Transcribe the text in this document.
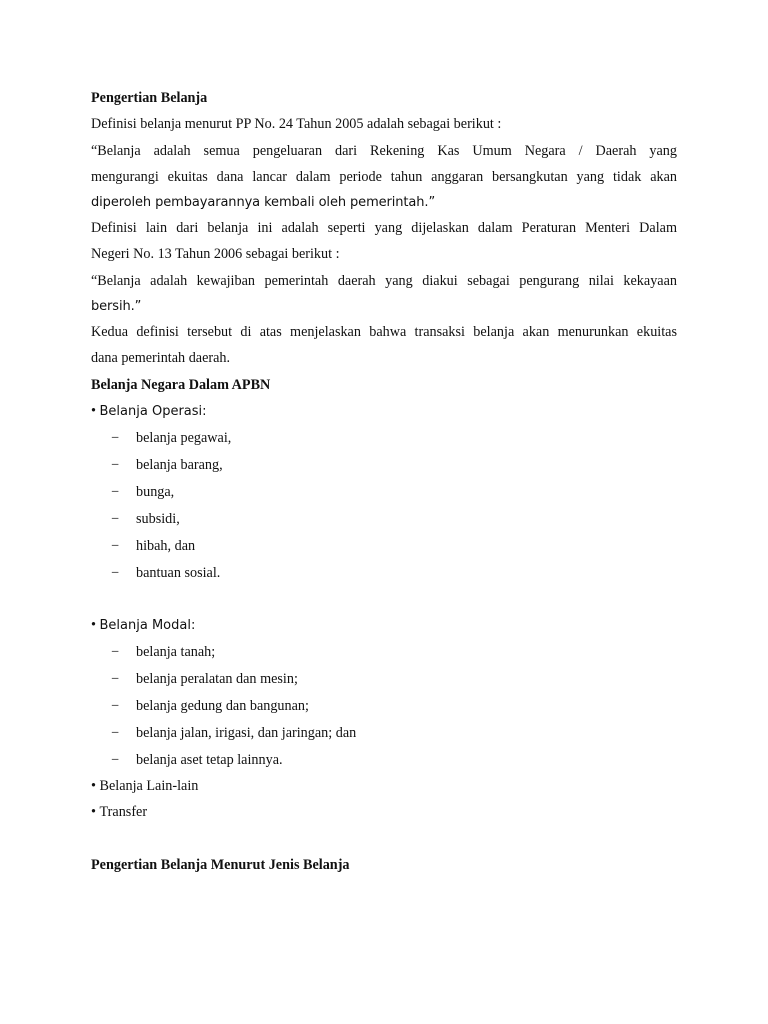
Pengertian Belanja
Definisi belanja menurut PP No. 24 Tahun 2005 adalah sebagai berikut :
“Belanja adalah semua pengeluaran dari Rekening Kas Umum Negara / Daerah yang
mengurangi ekuitas dana lancar dalam periode tahun anggaran bersangkutan yang tidak akan
diperoleh pembayarannya kembali oleh pemerintah.”
Definisi lain dari belanja ini adalah seperti yang dijelaskan dalam Peraturan Menteri Dalam
Negeri No. 13 Tahun 2006 sebagai berikut :
“Belanja adalah kewajiban pemerintah daerah yang diakui sebagai pengurang nilai kekayaan
bersih.”
Kedua definisi tersebut di atas menjelaskan bahwa transaksi belanja akan menurunkan ekuitas
dana pemerintah daerah.
Belanja Negara Dalam APBN
• Belanja Operasi:
− belanja pegawai,
− belanja barang,
− bunga,
− subsidi,
− hibah, dan
− bantuan sosial.
• Belanja Modal:
− belanja tanah;
− belanja peralatan dan mesin;
− belanja gedung dan bangunan;
− belanja jalan, irigasi, dan jaringan; dan
− belanja aset tetap lainnya.
• Belanja Lain-lain
• Transfer
Pengertian Belanja Menurut Jenis Belanja
